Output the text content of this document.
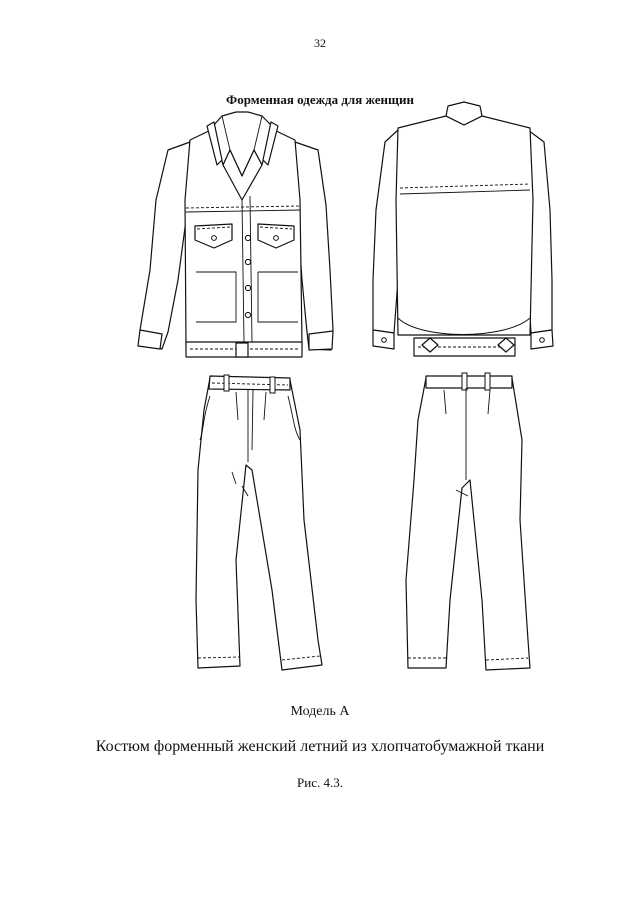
32
Форменная одежда для женщин
Модель А
Костюм форменный женский летний из хлопчатобумажной ткани
Рис. 4.3.
